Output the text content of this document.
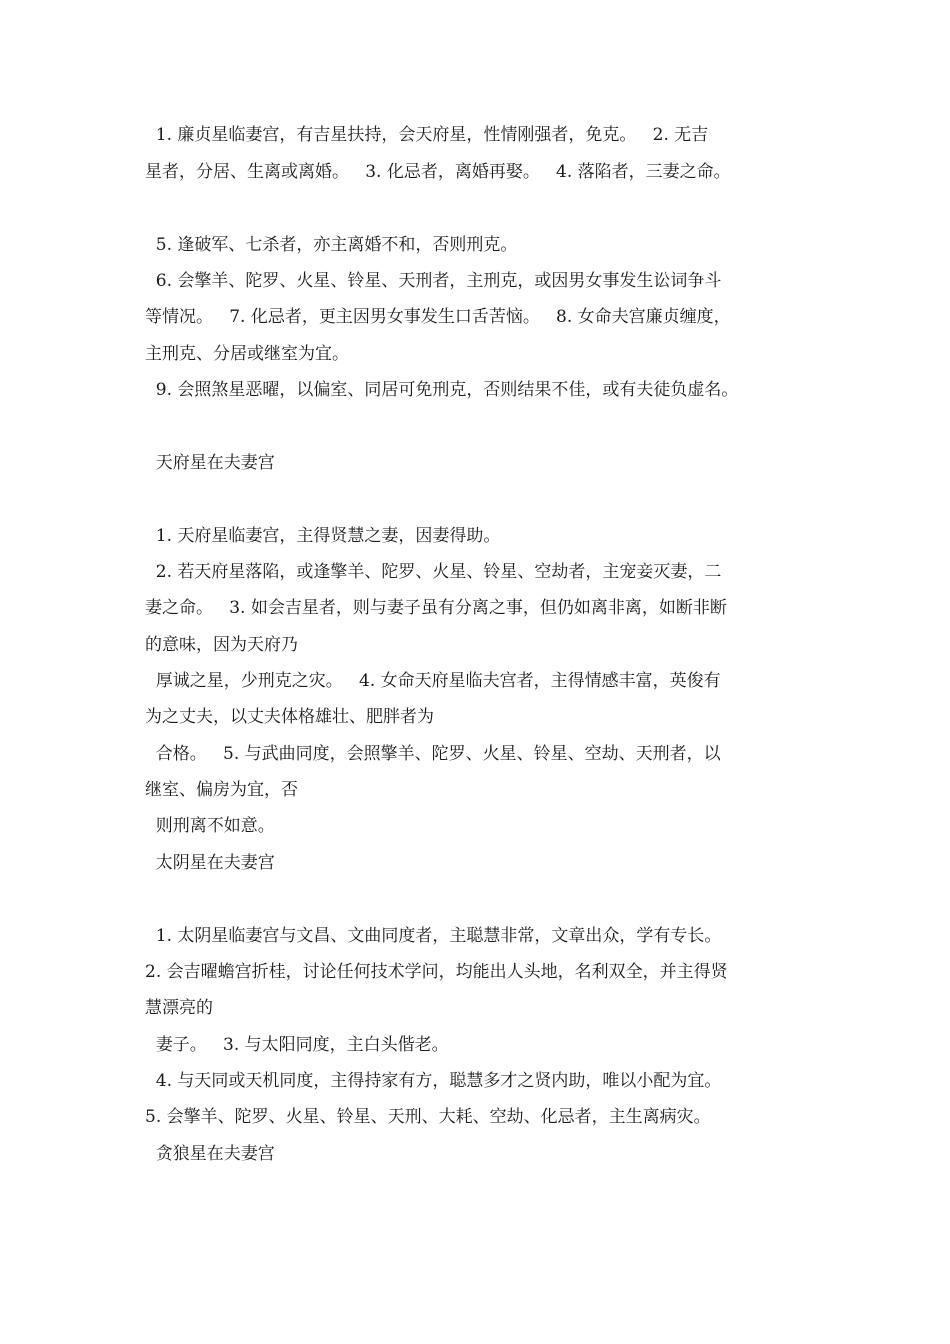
1. 廉贞星临妻宫，有吉星扶持，会天府星，性情刚强者，免克。   2. 无吉
星者，分居、生离或离婚。   3. 化忌者，离婚再娶。   4. 落陷者，三妻之命。
5. 逢破军、七杀者，亦主离婚不和，否则刑克。
6. 会擎羊、陀罗、火星、铃星、天刑者，主刑克，或因男女事发生讼词争斗
等情况。   7. 化忌者，更主因男女事发生口舌苦恼。   8. 女命夫宫廉贞缠度，
主刑克、分居或继室为宜。
9. 会照煞星恶曜，以偏室、同居可免刑克，否则结果不佳，或有夫徒负虚名。
天府星在夫妻宫
1. 天府星临妻宫，主得贤慧之妻，因妻得助。
2. 若天府星落陷，或逢擎羊、陀罗、火星、铃星、空劫者，主宠妾灭妻，二
妻之命。   3. 如会吉星者，则与妻子虽有分离之事，但仍如离非离，如断非断
的意味，因为天府乃
厚诚之星，少刑克之灾。   4. 女命天府星临夫宫者，主得情感丰富，英俊有
为之丈夫，以丈夫体格雄壮、肥胖者为
合格。   5. 与武曲同度，会照擎羊、陀罗、火星、铃星、空劫、天刑者，以
继室、偏房为宜，否
则刑离不如意。
太阴星在夫妻宫
1. 太阴星临妻宫与文昌、文曲同度者，主聪慧非常，文章出众，学有专长。
2. 会吉曜蟾宫折桂，讨论任何技术学问，均能出人头地，名利双全，并主得贤
慧漂亮的
妻子。   3. 与太阳同度，主白头偕老。
4. 与天同或天机同度，主得持家有方，聪慧多才之贤内助，唯以小配为宜。
5. 会擎羊、陀罗、火星、铃星、天刑、大耗、空劫、化忌者，主生离病灾。
贪狼星在夫妻宫
